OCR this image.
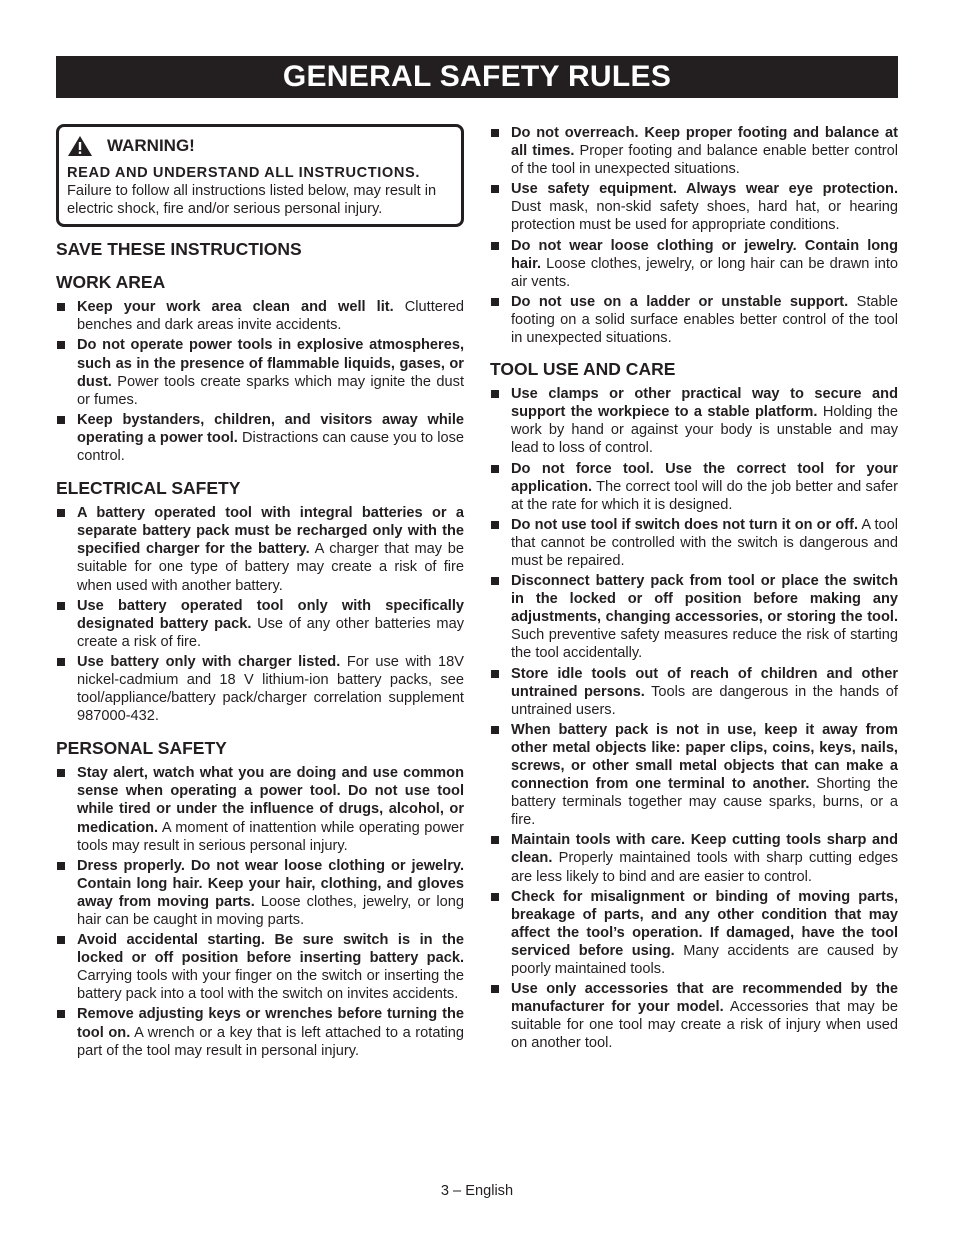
GENERAL SAFETY RULES
WARNING!
READ AND UNDERSTAND ALL INSTRUCTIONS.
Failure to follow all instructions listed below, may result in electric shock, fire and/or serious personal injury.
SAVE THESE INSTRUCTIONS
WORK AREA
Keep your work area clean and well lit. Cluttered benches and dark areas invite accidents.
Do not operate power tools in explosive atmospheres, such as in the presence of flammable liquids, gases, or dust. Power tools create sparks which may ignite the dust or fumes.
Keep bystanders, children, and visitors away while operating a power tool. Distractions can cause you to lose control.
ELECTRICAL SAFETY
A battery operated tool with integral batteries or a separate battery pack must be recharged only with the specified charger for the battery. A charger that may be suitable for one type of battery may create a risk of fire when used with another battery.
Use battery operated tool only with specifically designated battery pack. Use of any other batteries may create a risk of fire.
Use battery only with charger listed. For use with 18V nickel-cadmium and 18 V lithium-ion battery packs, see tool/appliance/battery pack/charger correlation supplement 987000-432.
PERSONAL SAFETY
Stay alert, watch what you are doing and use common sense when operating a power tool. Do not use tool while tired or under the influence of drugs, alcohol, or medication. A moment of inattention while operating power tools may result in serious personal injury.
Dress properly. Do not wear loose clothing or jewelry. Contain long hair. Keep your hair, clothing, and gloves away from moving parts. Loose clothes, jewelry, or long hair can be caught in moving parts.
Avoid accidental starting. Be sure switch is in the locked or off position before inserting battery pack. Carrying tools with your finger on the switch or inserting the battery pack into a tool with the switch on invites accidents.
Remove adjusting keys or wrenches before turning the tool on. A wrench or a key that is left attached to a rotating part of the tool may result in personal injury.
Do not overreach. Keep proper footing and balance at all times. Proper footing and balance enable better control of the tool in unexpected situations.
Use safety equipment. Always wear eye protection. Dust mask, non-skid safety shoes, hard hat, or hearing protection must be used for appropriate conditions.
Do not wear loose clothing or jewelry. Contain long hair. Loose clothes, jewelry, or long hair can be drawn into air vents.
Do not use on a ladder or unstable support. Stable footing on a solid surface enables better control of the tool in unexpected situations.
TOOL USE AND CARE
Use clamps or other practical way to secure and support the workpiece to a stable platform. Holding the work by hand or against your body is unstable and may lead to loss of control.
Do not force tool. Use the correct tool for your application. The correct tool will do the job better and safer at the rate for which it is designed.
Do not use tool if switch does not turn it on or off. A tool that cannot be controlled with the switch is dangerous and must be repaired.
Disconnect battery pack from tool or place the switch in the locked or off position before making any adjustments, changing accessories, or storing the tool. Such preventive safety measures reduce the risk of starting the tool accidentally.
Store idle tools out of reach of children and other untrained persons. Tools are dangerous in the hands of untrained users.
When battery pack is not in use, keep it away from other metal objects like: paper clips, coins, keys, nails, screws, or other small metal objects that can make a connection from one terminal to another. Shorting the battery terminals together may cause sparks, burns, or a fire.
Maintain tools with care. Keep cutting tools sharp and clean. Properly maintained tools with sharp cutting edges are less likely to bind and are easier to control.
Check for misalignment or binding of moving parts, breakage of parts, and any other condition that may affect the tool’s operation. If damaged, have the tool serviced before using. Many accidents are caused by poorly maintained tools.
Use only accessories that are recommended by the manufacturer for your model. Accessories that may be suitable for one tool may create a risk of injury when used on another tool.
3 – English
